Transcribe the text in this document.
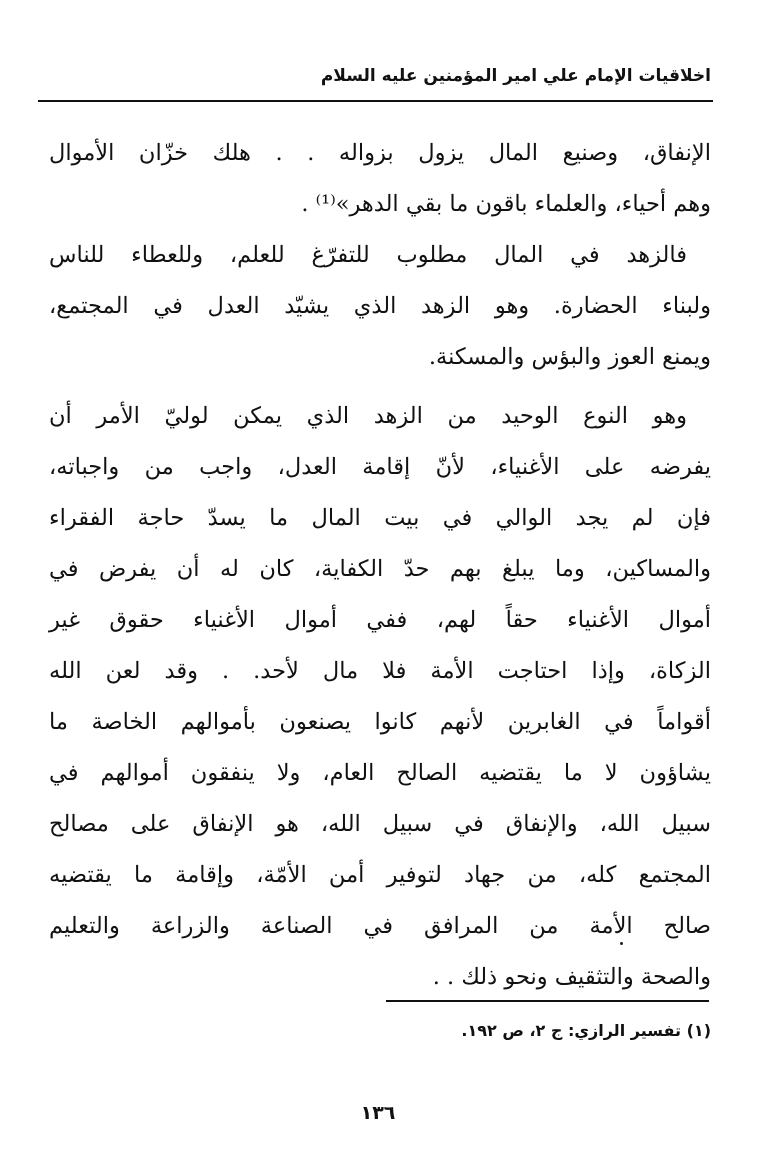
اخلاقيات الإمام علي امير المؤمنين عليه السلام
الإنفاق، وصنيع المال يزول بزواله . . هلك خزّان الأموال
وهم أحياء، والعلماء باقون ما بقي الدهر»⁽¹⁾ .
فالزهد في المال مطلوب للتفرّغ للعلم، وللعطاء للناس
ولبناء الحضارة. وهو الزهد الذي يشيّد العدل في المجتمع،
ويمنع العوز والبؤس والمسكنة.
وهو النوع الوحيد من الزهد الذي يمكن لوليّ الأمر أن
يفرضه على الأغنياء، لأنّ إقامة العدل، واجب من واجباته،
فإن لم يجد الوالي في بيت المال ما يسدّ حاجة الفقراء
والمساكين، وما يبلغ بهم حدّ الكفاية، كان له أن يفرض في
أموال الأغنياء حقاً لهم، ففي أموال الأغنياء حقوق غير
الزكاة، وإذا احتاجت الأمة فلا مال لأحد. . وقد لعن الله
أقواماً في الغابرين لأنهم كانوا يصنعون بأموالهم الخاصة ما
يشاؤون لا ما يقتضيه الصالح العام، ولا ينفقون أموالهم في
سبيل الله، والإنفاق في سبيل الله، هو الإنفاق على مصالح
المجتمع كله، من جهاد لتوفير أمن الأمّة، وإقامة ما يقتضيه
صالح الأمة من المرافق في الصناعة والزراعة والتعليم
والصحة والتثقيف ونحو ذلك . .
(١) تفسير الرازي: ج ٢، ص ١٩٢.
١٣٦
